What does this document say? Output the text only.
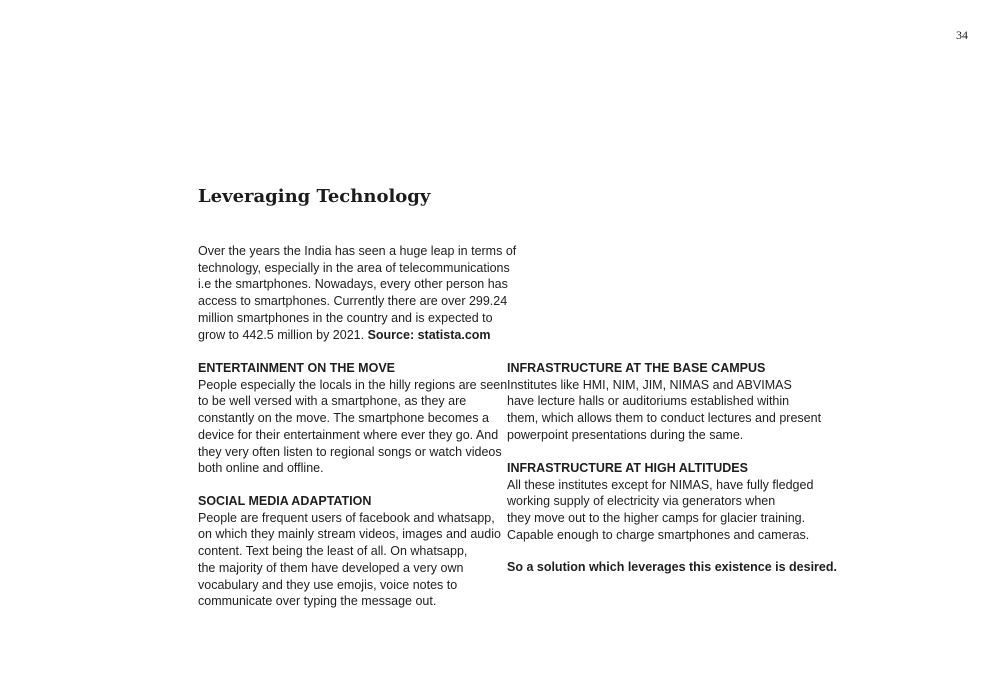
34
Leveraging Technology
Over the years the India has seen a huge leap in terms of
technology, especially in the area of telecommunications
i.e the smartphones. Nowadays, every other person has
access to smartphones. Currently there are over 299.24
million smartphones in the country and is expected to
grow to 442.5 million by 2021. Source: statista.com
ENTERTAINMENT ON THE MOVE
People especially the locals in the hilly regions are seen
to be well versed with a smartphone, as they are
constantly on the move. The smartphone becomes a
device for their entertainment where ever they go. And
they very often listen to regional songs or watch videos
both online and offline.
SOCIAL MEDIA ADAPTATION
People are frequent users of facebook and whatsapp,
on which they mainly stream videos, images and audio
content. Text being the least of all. On whatsapp,
the majority of them have developed a very own
vocabulary and they use emojis, voice notes to
communicate over typing the message out.
INFRASTRUCTURE AT THE BASE CAMPUS
Institutes like HMI, NIM, JIM, NIMAS and ABVIMAS
have lecture halls or auditoriums established within
them, which allows them to conduct lectures and present
powerpoint presentations during the same.
INFRASTRUCTURE AT HIGH ALTITUDES
All these institutes except for NIMAS, have fully fledged
working supply of electricity via generators when
they move out to the higher camps for glacier training.
Capable enough to charge smartphones and cameras.
So a solution which leverages this existence is desired.
